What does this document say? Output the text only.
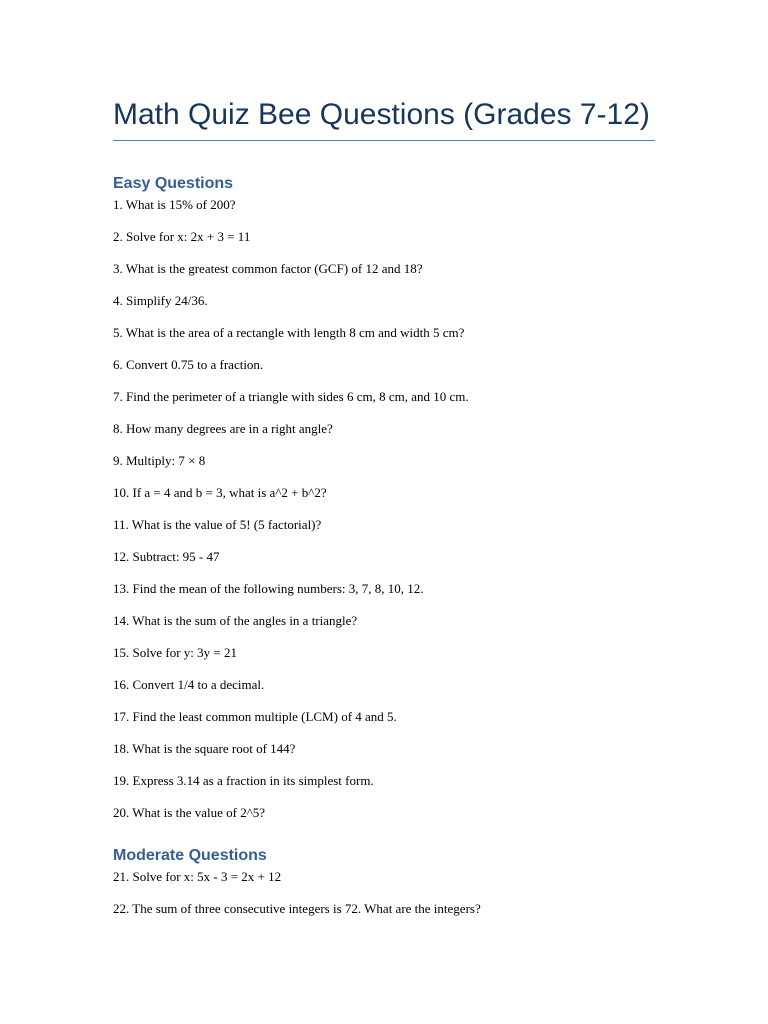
Math Quiz Bee Questions (Grades 7-12)
Easy Questions
1. What is 15% of 200?
2. Solve for x: 2x + 3 = 11
3. What is the greatest common factor (GCF) of 12 and 18?
4. Simplify 24/36.
5. What is the area of a rectangle with length 8 cm and width 5 cm?
6. Convert 0.75 to a fraction.
7. Find the perimeter of a triangle with sides 6 cm, 8 cm, and 10 cm.
8. How many degrees are in a right angle?
9. Multiply: 7 × 8
10. If a = 4 and b = 3, what is a^2 + b^2?
11. What is the value of 5! (5 factorial)?
12. Subtract: 95 - 47
13. Find the mean of the following numbers: 3, 7, 8, 10, 12.
14. What is the sum of the angles in a triangle?
15. Solve for y: 3y = 21
16. Convert 1/4 to a decimal.
17. Find the least common multiple (LCM) of 4 and 5.
18. What is the square root of 144?
19. Express 3.14 as a fraction in its simplest form.
20. What is the value of 2^5?
Moderate Questions
21. Solve for x: 5x - 3 = 2x + 12
22. The sum of three consecutive integers is 72. What are the integers?
